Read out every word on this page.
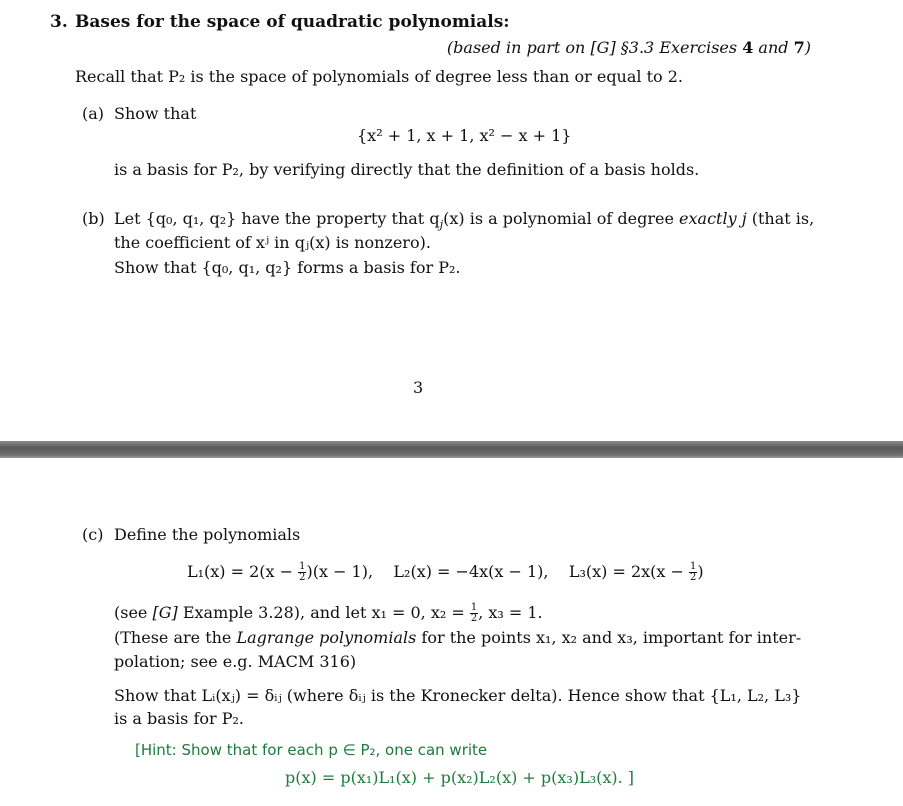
3. Bases for the space of quadratic polynomials:
(based in part on [G] §3.3 Exercises 4 and 7)
Recall that P₂ is the space of polynomials of degree less than or equal to 2.
(a) Show that
{x² + 1, x + 1, x² − x + 1}
is a basis for P₂, by verifying directly that the definition of a basis holds.
(b) Let {q₀, q₁, q₂} have the property that $q_j(x)$ is a polynomial of degree exactly j (that is,
the coefficient of xʲ in qⱼ(x) is nonzero).
Show that {q₀, q₁, q₂} forms a basis for P₂.
3
(c) Define the polynomials
$L_1(x) = 2(x - \frac{1}{2} )(x - 1)$, L₂(x) = −4x(x − 1), $L_3(x) = 2x(x - \frac{1}{2}$ )
(see [G] Example 3.28), and let x₁ = 0, $x_2 = \frac{1}{2}$ , x₃ = 1.
(These are the Lagrange polynomials for the points x₁, x₂ and x₃, important for inter-
polation; see e.g. MACM 316)
Show that Lᵢ(xⱼ) = δᵢⱼ (where δᵢⱼ is the Kronecker delta). Hence show that {L₁, L₂, L₃}
is a basis for P₂.
[Hint: Show that for each p ∈ P₂, one can write
p(x) = p(x₁)L₁(x) + p(x₂)L₂(x) + p(x₃)L₃(x). ]
